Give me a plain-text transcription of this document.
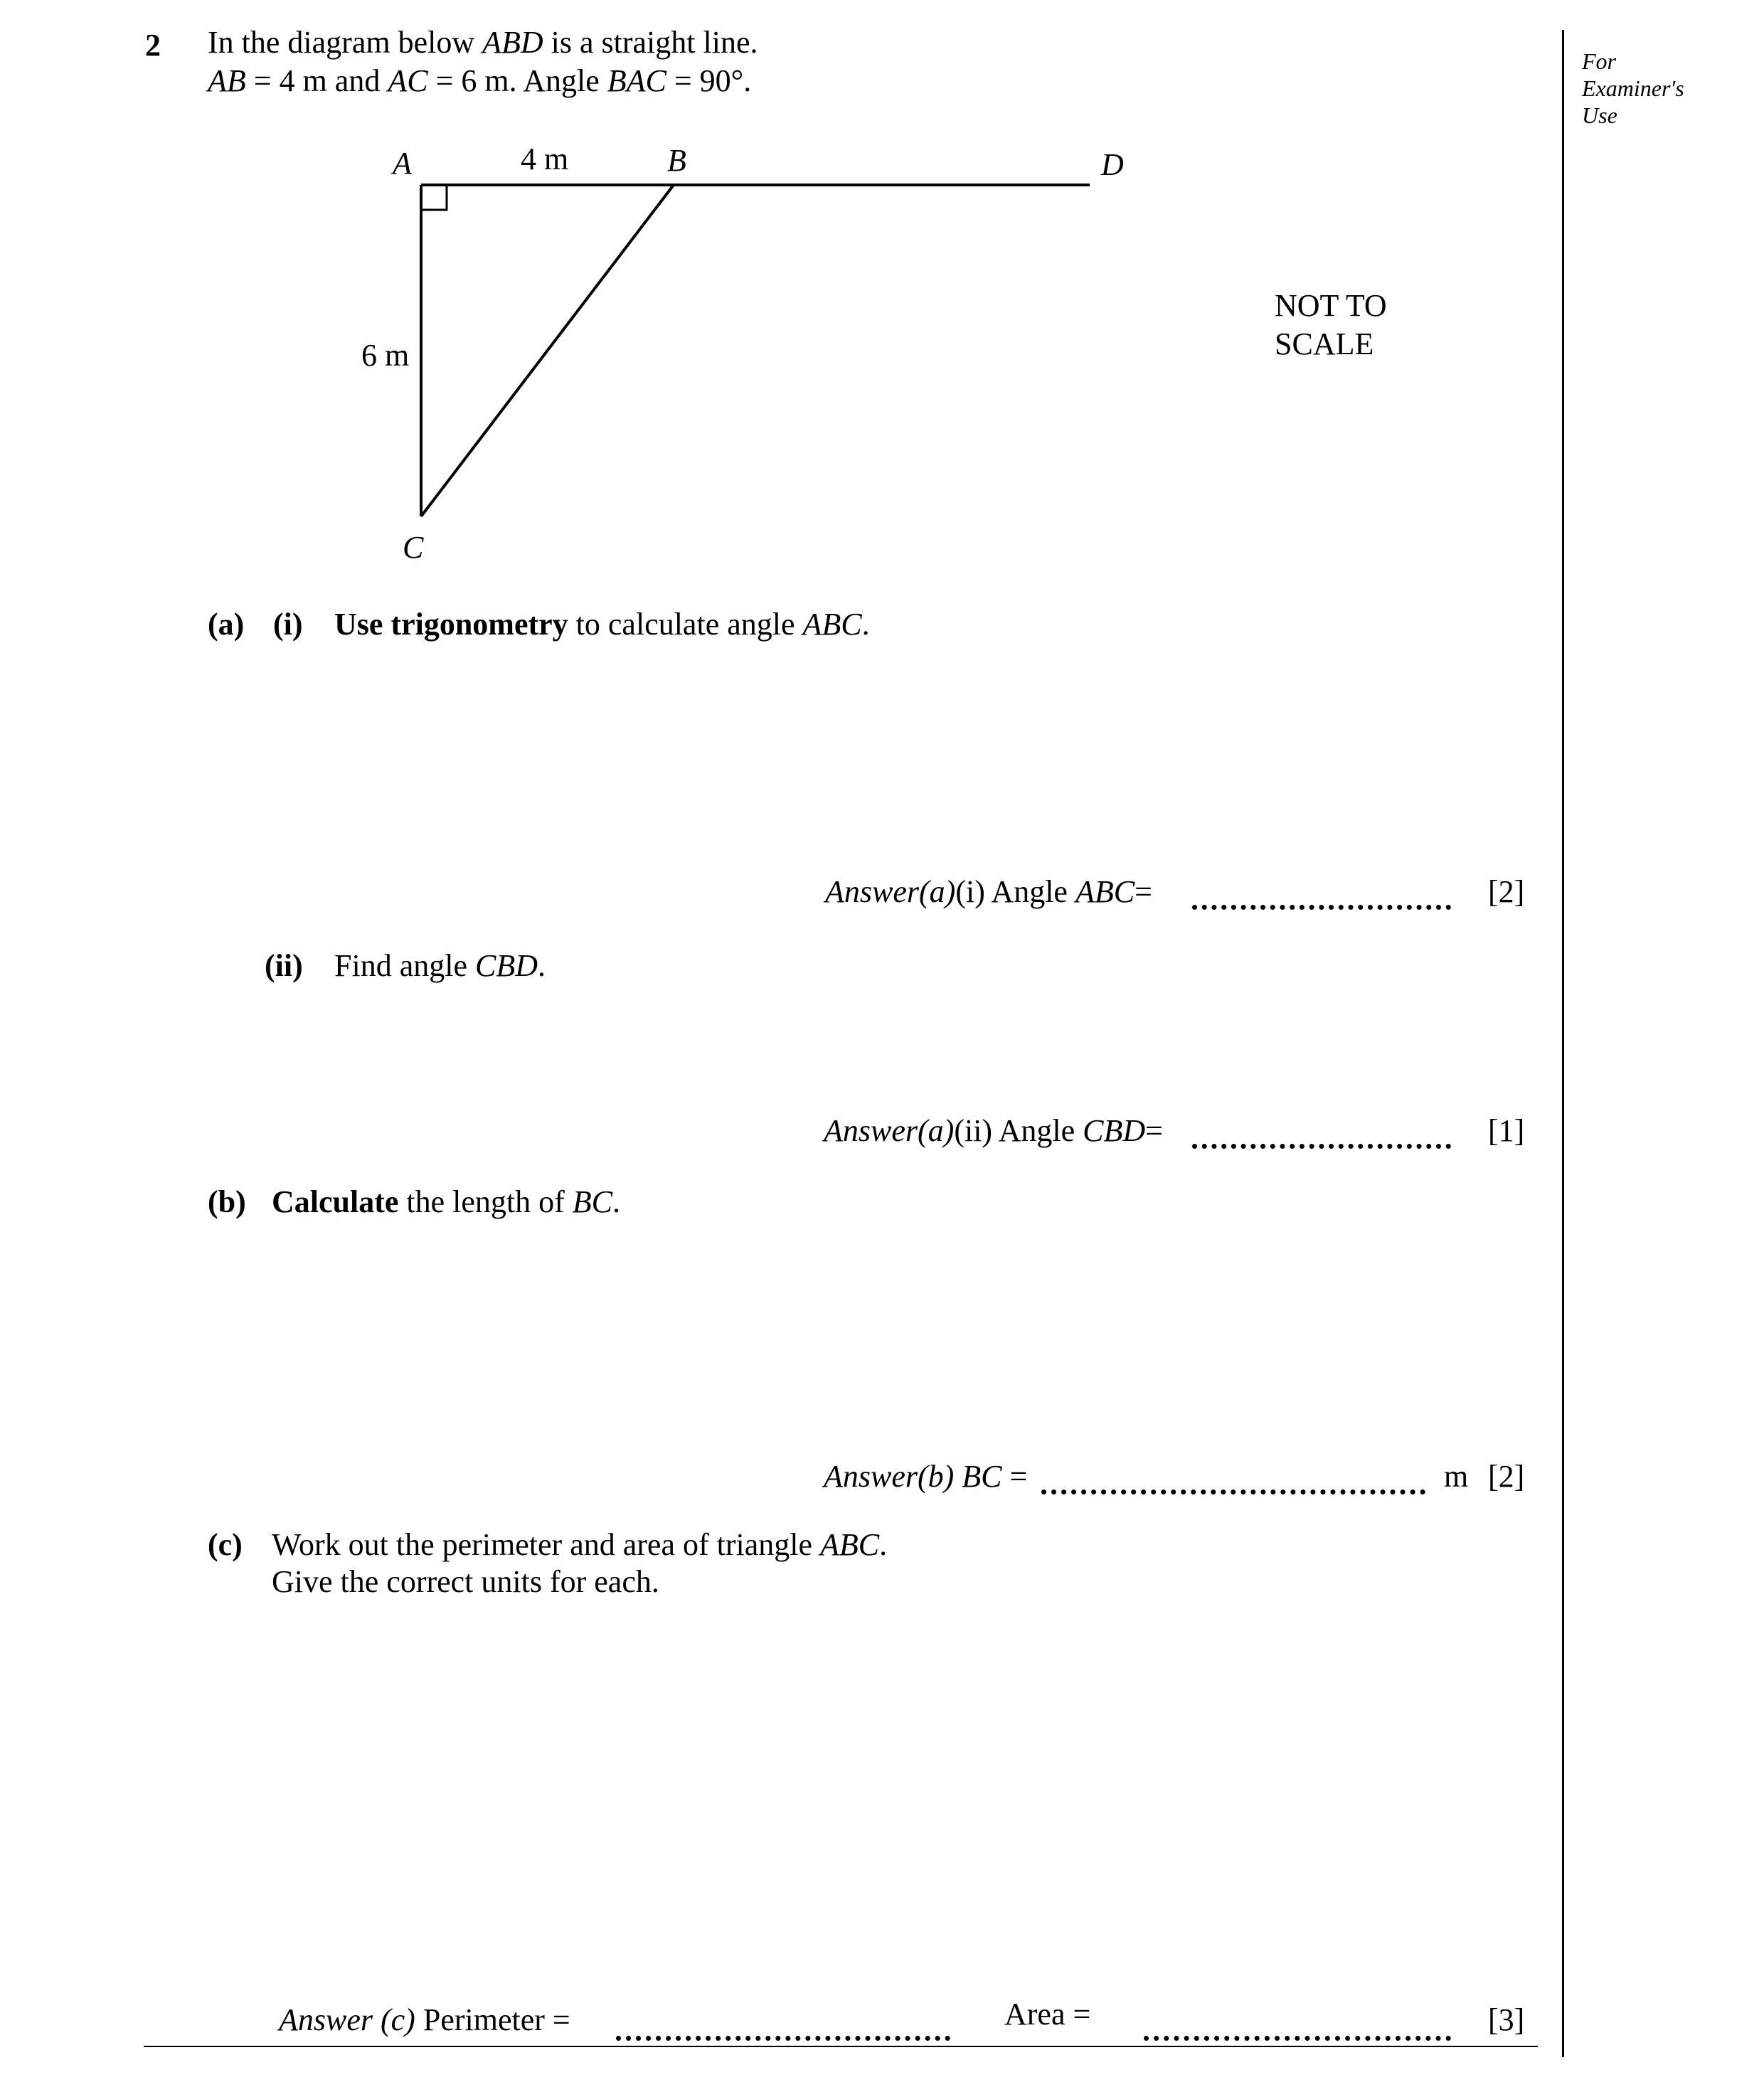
2 In the diagram below ABD is a straight line.
AB = 4 m and AC = 6 m. Angle BAC = 90°.
For
Examiner's
Use
A	4 m	B	D
6 m
C
NOT TO
SCALE
(a) (i) Use trigonometry to calculate angle ABC.
Answer(a)(i) Angle ABC=	[2]
(ii) Find angle CBD.
Answer(a)(ii) Angle CBD=	[1]
(b) Calculate the length of BC.
Answer(b) BC =	m [2]
(c) Work out the perimeter and area of triangle ABC.
Give the correct units for each.
Answer (c) Perimeter =	Area =	[3]
